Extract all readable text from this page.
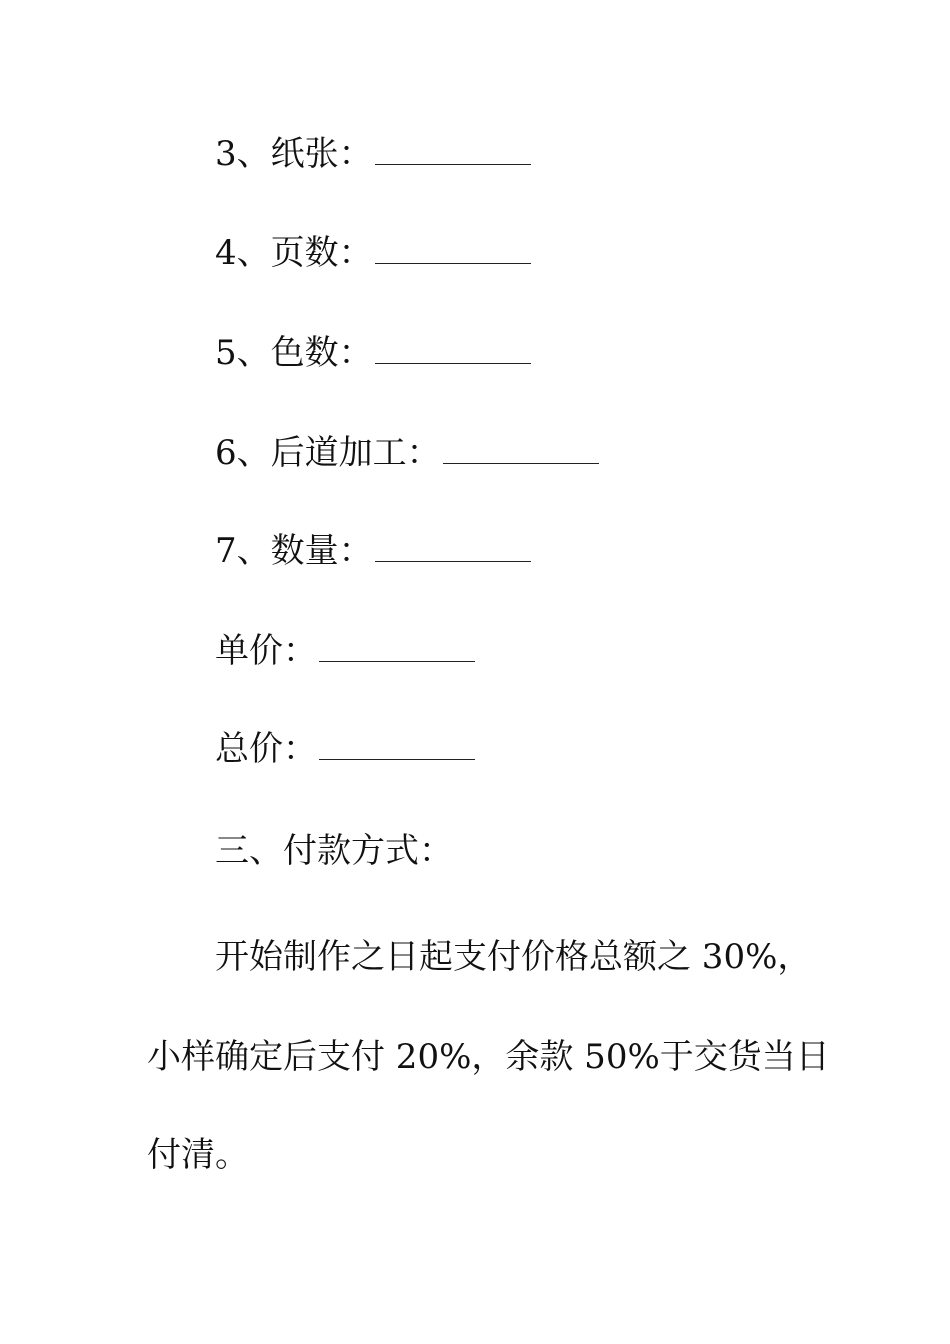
3、纸张：
4、页数：
5、色数：
6、后道加工：
7、数量：
单价：
总价：
三、付款方式：
开始制作之日起支付价格总额之 30%，
小样确定后支付 20%，余款 50%于交货当日
付清。
